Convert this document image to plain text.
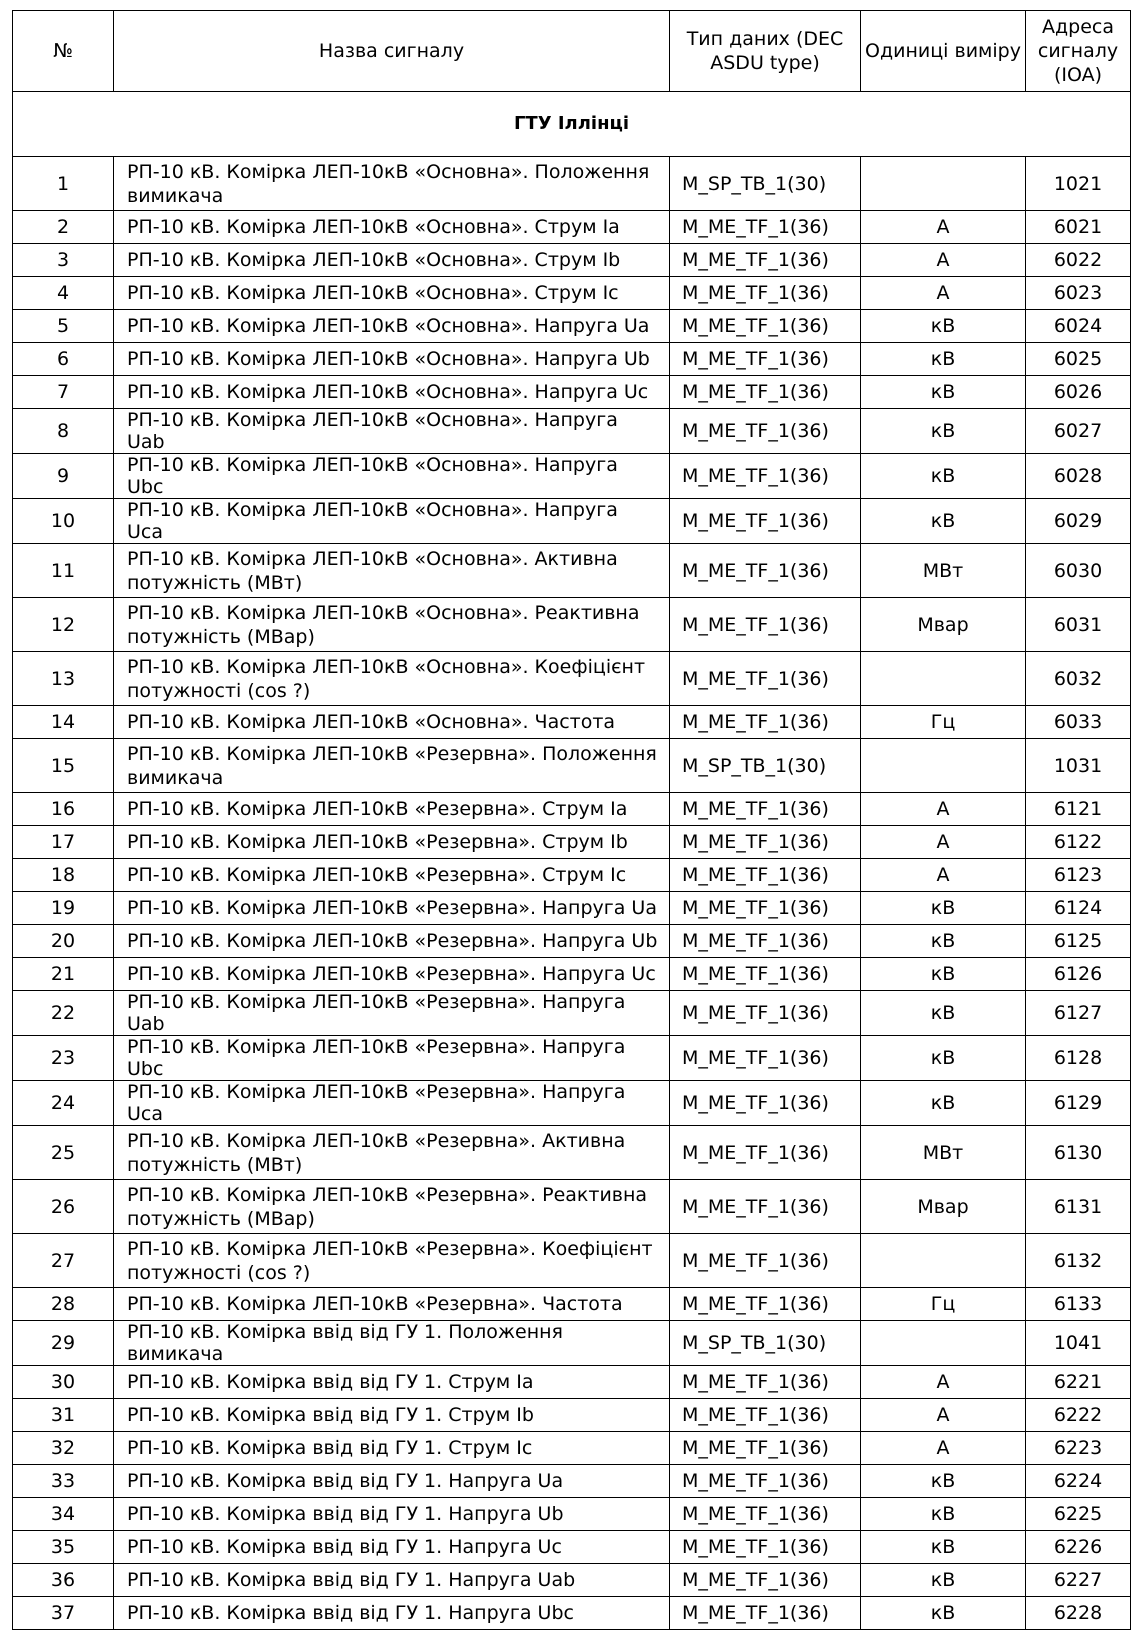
№	Назва сигналу	Тип даних (DEC ASDU type)	Одиниці виміру	Адреса сигналу (IOA)
ГТУ Іллінці				
1	РП-10 кВ. Комірка ЛЕП-10кВ «Основна». Положення вимикача	M_SP_TB_1(30)		1021
2	РП-10 кВ. Комірка ЛЕП-10кВ «Основна». Струм Ia	M_ME_TF_1(36)	А	6021
3	РП-10 кВ. Комірка ЛЕП-10кВ «Основна». Струм Ib	M_ME_TF_1(36)	А	6022
4	РП-10 кВ. Комірка ЛЕП-10кВ «Основна». Струм Ic	M_ME_TF_1(36)	А	6023
5	РП-10 кВ. Комірка ЛЕП-10кВ «Основна». Напруга Ua	M_ME_TF_1(36)	кВ	6024
6	РП-10 кВ. Комірка ЛЕП-10кВ «Основна». Напруга Ub	M_ME_TF_1(36)	кВ	6025
7	РП-10 кВ. Комірка ЛЕП-10кВ «Основна». Напруга Uc	M_ME_TF_1(36)	кВ	6026
8	РП-10 кВ. Комірка ЛЕП-10кВ «Основна». Напруга Uab	M_ME_TF_1(36)	кВ	6027
9	РП-10 кВ. Комірка ЛЕП-10кВ «Основна». Напруга Ubc	M_ME_TF_1(36)	кВ	6028
10	РП-10 кВ. Комірка ЛЕП-10кВ «Основна». Напруга Uca	M_ME_TF_1(36)	кВ	6029
11	РП-10 кВ. Комірка ЛЕП-10кВ «Основна». Активна потужність (МВт)	M_ME_TF_1(36)	МВт	6030
12	РП-10 кВ. Комірка ЛЕП-10кВ «Основна». Реактивна потужність (МВар)	M_ME_TF_1(36)	Мвар	6031
13	РП-10 кВ. Комірка ЛЕП-10кВ «Основна». Коефіцієнт потужності (cos ?)	M_ME_TF_1(36)		6032
14	РП-10 кВ. Комірка ЛЕП-10кВ «Основна». Частота	M_ME_TF_1(36)	Гц	6033
15	РП-10 кВ. Комірка ЛЕП-10кВ «Резервна». Положення вимикача	M_SP_TB_1(30)		1031
16	РП-10 кВ. Комірка ЛЕП-10кВ «Резервна». Струм Ia	M_ME_TF_1(36)	А	6121
17	РП-10 кВ. Комірка ЛЕП-10кВ «Резервна». Струм Ib	M_ME_TF_1(36)	А	6122
18	РП-10 кВ. Комірка ЛЕП-10кВ «Резервна». Струм Ic	M_ME_TF_1(36)	А	6123
19	РП-10 кВ. Комірка ЛЕП-10кВ «Резервна». Напруга Ua	M_ME_TF_1(36)	кВ	6124
20	РП-10 кВ. Комірка ЛЕП-10кВ «Резервна». Напруга Ub	M_ME_TF_1(36)	кВ	6125
21	РП-10 кВ. Комірка ЛЕП-10кВ «Резервна». Напруга Uc	M_ME_TF_1(36)	кВ	6126
22	РП-10 кВ. Комірка ЛЕП-10кВ «Резервна». Напруга Uab	M_ME_TF_1(36)	кВ	6127
23	РП-10 кВ. Комірка ЛЕП-10кВ «Резервна». Напруга Ubc	M_ME_TF_1(36)	кВ	6128
24	РП-10 кВ. Комірка ЛЕП-10кВ «Резервна». Напруга Uca	M_ME_TF_1(36)	кВ	6129
25	РП-10 кВ. Комірка ЛЕП-10кВ «Резервна». Активна потужність (МВт)	M_ME_TF_1(36)	МВт	6130
26	РП-10 кВ. Комірка ЛЕП-10кВ «Резервна». Реактивна потужність (МВар)	M_ME_TF_1(36)	Мвар	6131
27	РП-10 кВ. Комірка ЛЕП-10кВ «Резервна». Коефіцієнт потужності (cos ?)	M_ME_TF_1(36)		6132
28	РП-10 кВ. Комірка ЛЕП-10кВ «Резервна». Частота	M_ME_TF_1(36)	Гц	6133
29	РП-10 кВ. Комірка ввід від ГУ 1. Положення вимикача	M_SP_TB_1(30)		1041
30	РП-10 кВ. Комірка ввід від ГУ 1. Струм Ia	M_ME_TF_1(36)	А	6221
31	РП-10 кВ. Комірка ввід від ГУ 1. Струм Ib	M_ME_TF_1(36)	А	6222
32	РП-10 кВ. Комірка ввід від ГУ 1. Струм Ic	M_ME_TF_1(36)	А	6223
33	РП-10 кВ. Комірка ввід від ГУ 1. Напруга Ua	M_ME_TF_1(36)	кВ	6224
34	РП-10 кВ. Комірка ввід від ГУ 1. Напруга Ub	M_ME_TF_1(36)	кВ	6225
35	РП-10 кВ. Комірка ввід від ГУ 1. Напруга Uc	M_ME_TF_1(36)	кВ	6226
36	РП-10 кВ. Комірка ввід від ГУ 1. Напруга Uab	M_ME_TF_1(36)	кВ	6227
37	РП-10 кВ. Комірка ввід від ГУ 1. Напруга Ubc	M_ME_TF_1(36)	кВ	6228
